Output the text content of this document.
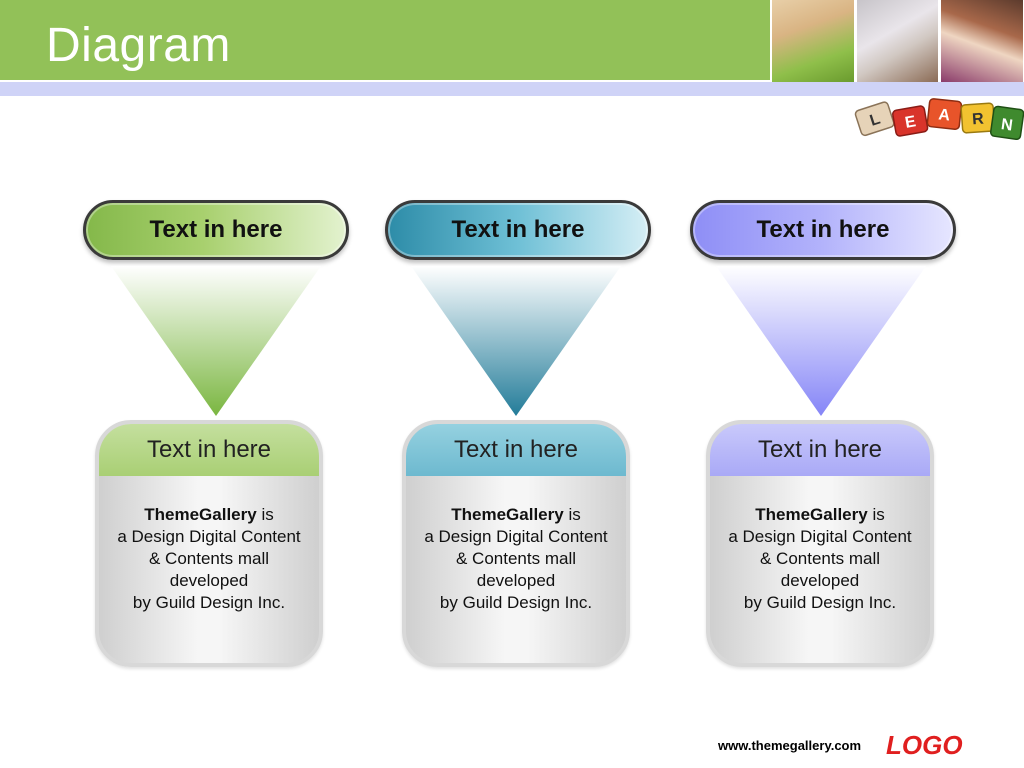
Diagram
L E A R N
Text in here
Text in here
ThemeGallery is
a Design Digital Content
& Contents mall
developed
by Guild Design Inc.
Text in here
Text in here
ThemeGallery is
a Design Digital Content
& Contents mall
developed
by Guild Design Inc.
Text in here
Text in here
ThemeGallery is
a Design Digital Content
& Contents mall
developed
by Guild Design Inc.
www.themegallery.com LOGO
